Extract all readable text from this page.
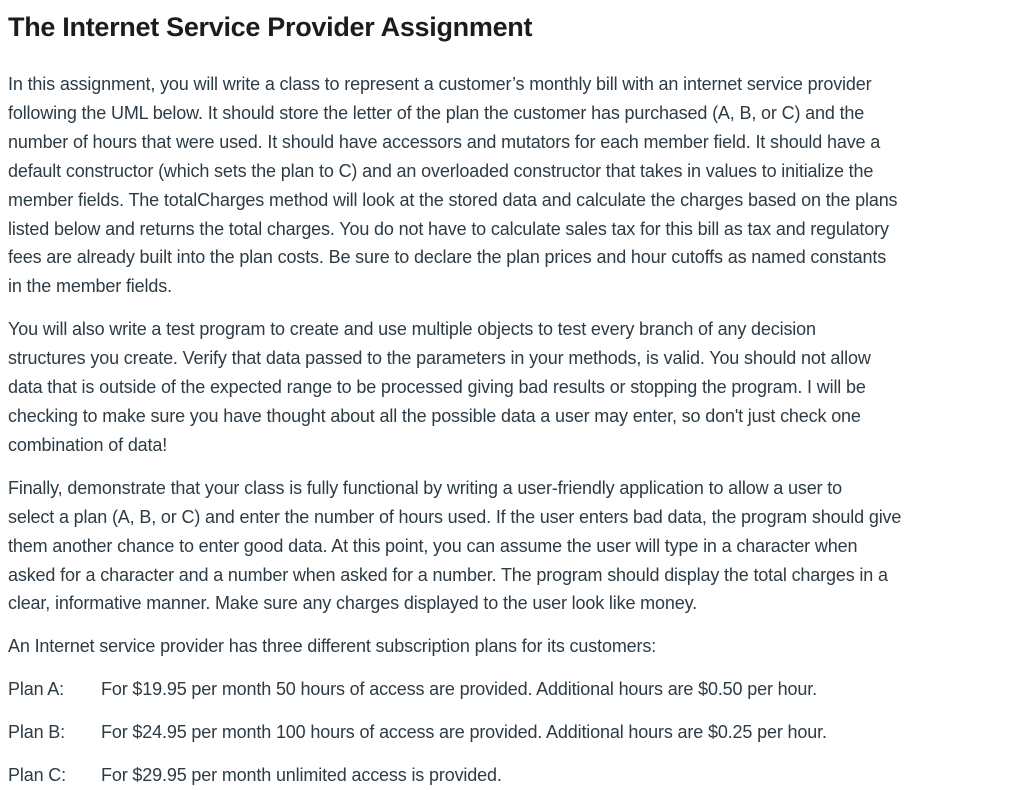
The Internet Service Provider Assignment

In this assignment, you will write a class to represent a customer’s monthly bill with an internet service provider
following the UML below. It should store the letter of the plan the customer has purchased (A, B, or C) and the
number of hours that were used. It should have accessors and mutators for each member field. It should have a
default constructor (which sets the plan to C) and an overloaded constructor that takes in values to initialize the
member fields. The totalCharges method will look at the stored data and calculate the charges based on the plans
listed below and returns the total charges. You do not have to calculate sales tax for this bill as tax and regulatory
fees are already built into the plan costs. Be sure to declare the plan prices and hour cutoffs as named constants
in the member fields.

You will also write a test program to create and use multiple objects to test every branch of any decision
structures you create. Verify that data passed to the parameters in your methods, is valid. You should not allow
data that is outside of the expected range to be processed giving bad results or stopping the program. I will be
checking to make sure you have thought about all the possible data a user may enter, so don't just check one
combination of data!

Finally, demonstrate that your class is fully functional by writing a user-friendly application to allow a user to
select a plan (A, B, or C) and enter the number of hours used. If the user enters bad data, the program should give
them another chance to enter good data. At this point, you can assume the user will type in a character when
asked for a character and a number when asked for a number. The program should display the total charges in a
clear, informative manner. Make sure any charges displayed to the user look like money.

An Internet service provider has three different subscription plans for its customers:

Plan A:	For $19.95 per month 50 hours of access are provided. Additional hours are $0.50 per hour.
Plan B:	For $24.95 per month 100 hours of access are provided. Additional hours are $0.25 per hour.
Plan C:	For $29.95 per month unlimited access is provided.
